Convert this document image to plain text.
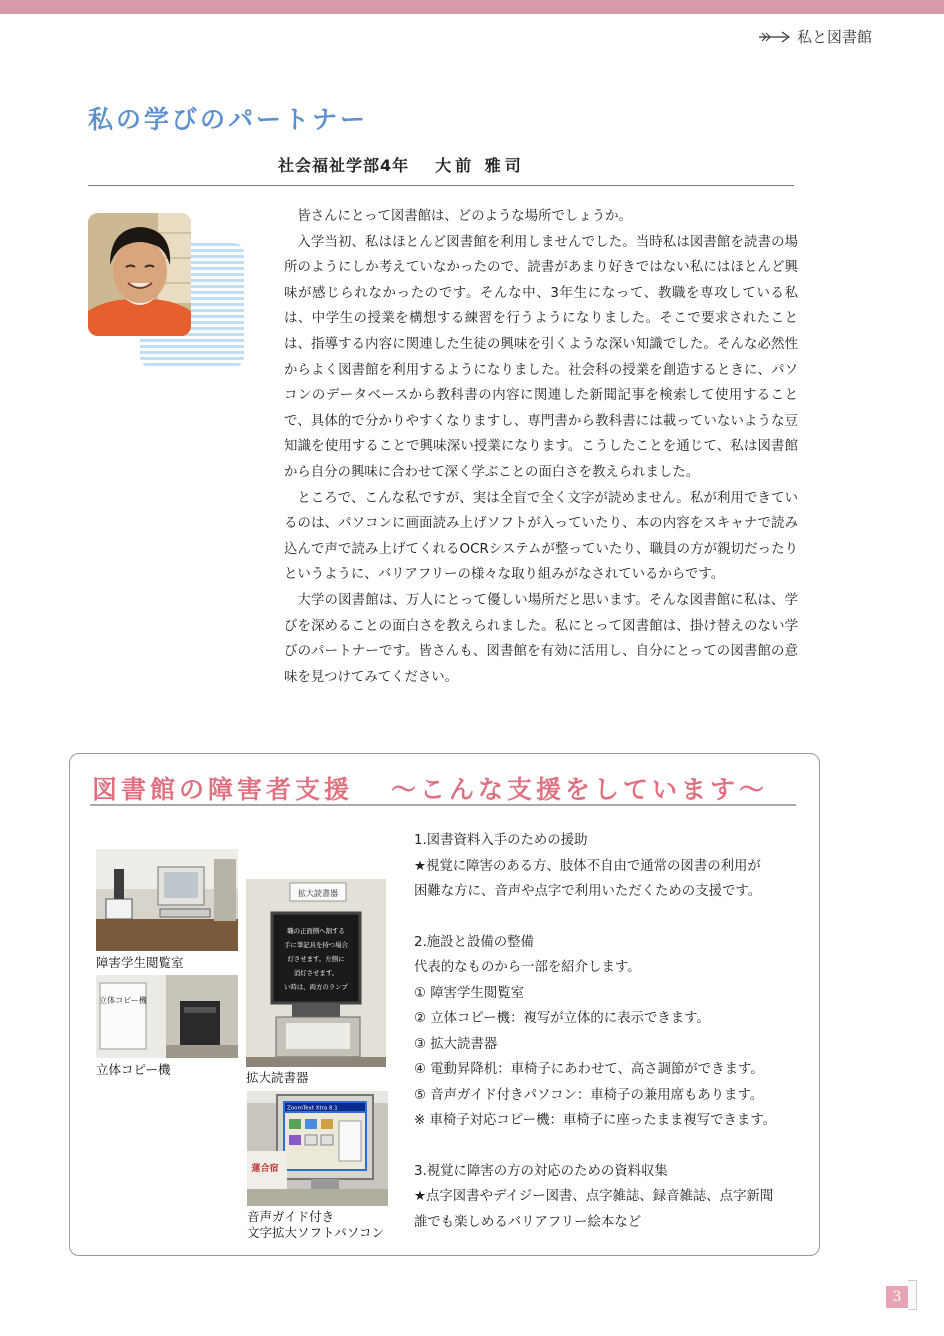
私と図書館
私の学びのパートナー
社会福祉学部4年 大前 雅司

皆さんにとって図書館は、どのような場所でしょうか。

入学当初、私はほとんど図書館を利用しませんでした。当時私は図書館を読書の場所のようにしか考えていなかったので、読書があまり好きではない私にはほとんど興味が感じられなかったのです。そんな中、3年生になって、教職を専攻している私は、中学生の授業を構想する練習を行うようになりました。そこで要求されたことは、指導する内容に関連した生徒の興味を引くような深い知識でした。そんな必然性からよく図書館を利用するようになりました。社会科の授業を創造するときに、パソコンのデータベースから教科書の内容に関連した新聞記事を検索して使用することで、具体的で分かりやすくなりますし、専門書から教科書には載っていないような豆知識を使用することで興味深い授業になります。こうしたことを通じて、私は図書館から自分の興味に合わせて深く学ぶことの面白さを教えられました。

ところで、こんな私ですが、実は全盲で全く文字が読めません。私が利用できているのは、パソコンに画面読み上げソフトが入っていたり、本の内容をスキャナで読み込んで声で読み上げてくれるOCRシステムが整っていたり、職員の方が親切だったりというように、バリアフリーの様々な取り組みがなされているからです。

大学の図書館は、万人にとって優しい場所だと思います。そんな図書館に私は、学びを深めることの面白さを教えられました。私にとって図書館は、掛け替えのない学びのパートナーです。皆さんも、図書館を有効に活用し、自分にとっての図書館の意味を見つけてみてください。

図書館の障害者支援 ～こんな支援をしています～
障害学生閲覧室
立体コピー機
立体コピー機
拡大読書器
職の正面側へ割する
手に筆記具を持つ場合
灯させます。左側に
消灯させます。
い時は、両方のランプ
拡大読書器
ZoomText Xtra 8.1
蓮合宿
音声ガイド付き
文字拡大ソフトパソコン
1.図書資料入手のための援助
★視覚に障害のある方、肢体不自由で通常の図書の利用が
困難な方に、音声や点字で利用いただくための支援です。
2.施設と設備の整備
代表的なものから一部を紹介します。
① 障害学生閲覧室
② 立体コピー機：複写が立体的に表示できます。
③ 拡大読書器
④ 電動昇降机：車椅子にあわせて、高さ調節ができます。
⑤ 音声ガイド付きパソコン：車椅子の兼用席もあります。
※ 車椅子対応コピー機：車椅子に座ったまま複写できます。
3.視覚に障害の方の対応のための資料収集
★点字図書やデイジー図書、点字雑誌、録音雑誌、点字新聞
誰でも楽しめるバリアフリー絵本など
3
